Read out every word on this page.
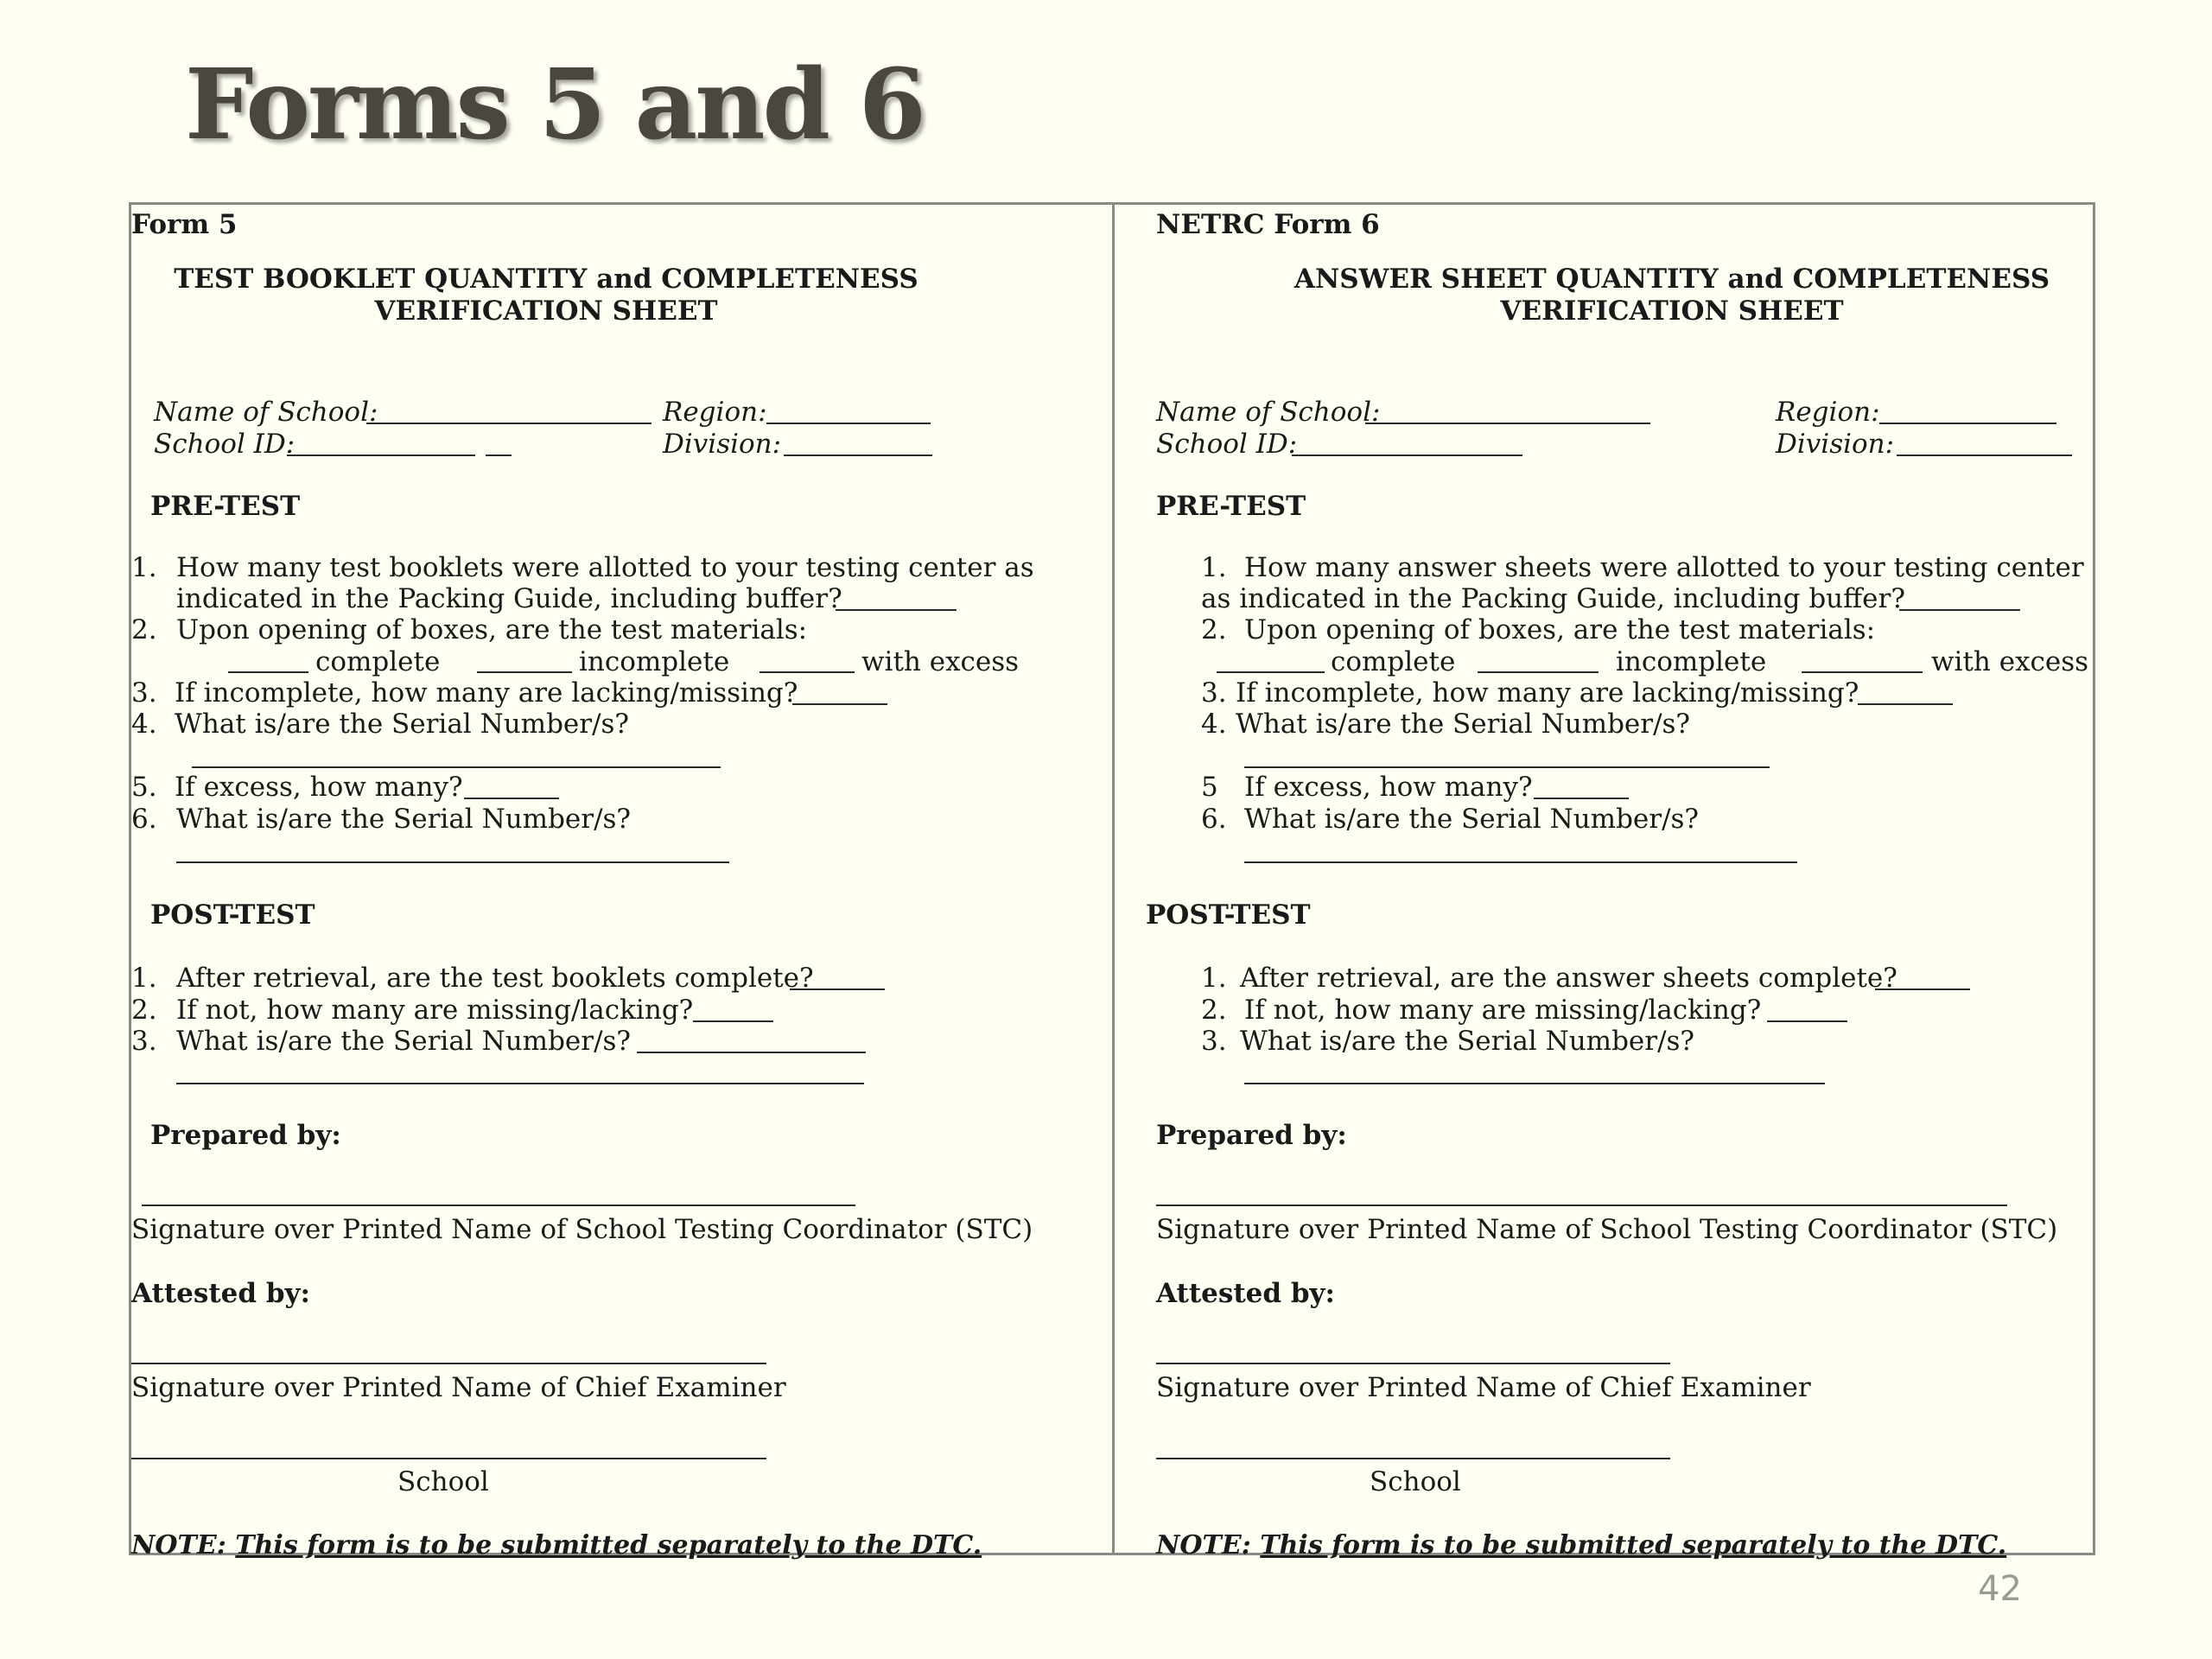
Forms 5 and 6
Form 5
TEST BOOKLET QUANTITY and COMPLETENESS
VERIFICATION SHEET
Name of School:	Region:
School ID:	Division:
PRE-TEST
1. How many test booklets were allotted to your testing center as
indicated in the Packing Guide, including buffer?
2. Upon opening of boxes, are the test materials:
complete	incomplete	with excess
3. If incomplete, how many are lacking/missing?
4. What is/are the Serial Number/s?
5. If excess, how many?
6. What is/are the Serial Number/s?
POST-TEST
1. After retrieval, are the test booklets complete?
2. If not, how many are missing/lacking?
3. What is/are the Serial Number/s?
Prepared by:
Signature over Printed Name of School Testing Coordinator (STC)
Attested by:
Signature over Printed Name of Chief Examiner
School
NOTE: This form is to be submitted separately to the DTC.
NETRC Form 6
ANSWER SHEET QUANTITY and COMPLETENESS
VERIFICATION SHEET
Name of School:	Region:
School ID:	Division:
PRE-TEST
1. How many answer sheets were allotted to your testing center
as indicated in the Packing Guide, including buffer?
2. Upon opening of boxes, are the test materials:
complete	incomplete	with excess
3. If incomplete, how many are lacking/missing?
4. What is/are the Serial Number/s?
5 If excess, how many?
6. What is/are the Serial Number/s?
POST-TEST
1. After retrieval, are the answer sheets complete?
2. If not, how many are missing/lacking?
3. What is/are the Serial Number/s?
Prepared by:
Signature over Printed Name of School Testing Coordinator (STC)
Attested by:
Signature over Printed Name of Chief Examiner
School
NOTE: This form is to be submitted separately to the DTC.
42
